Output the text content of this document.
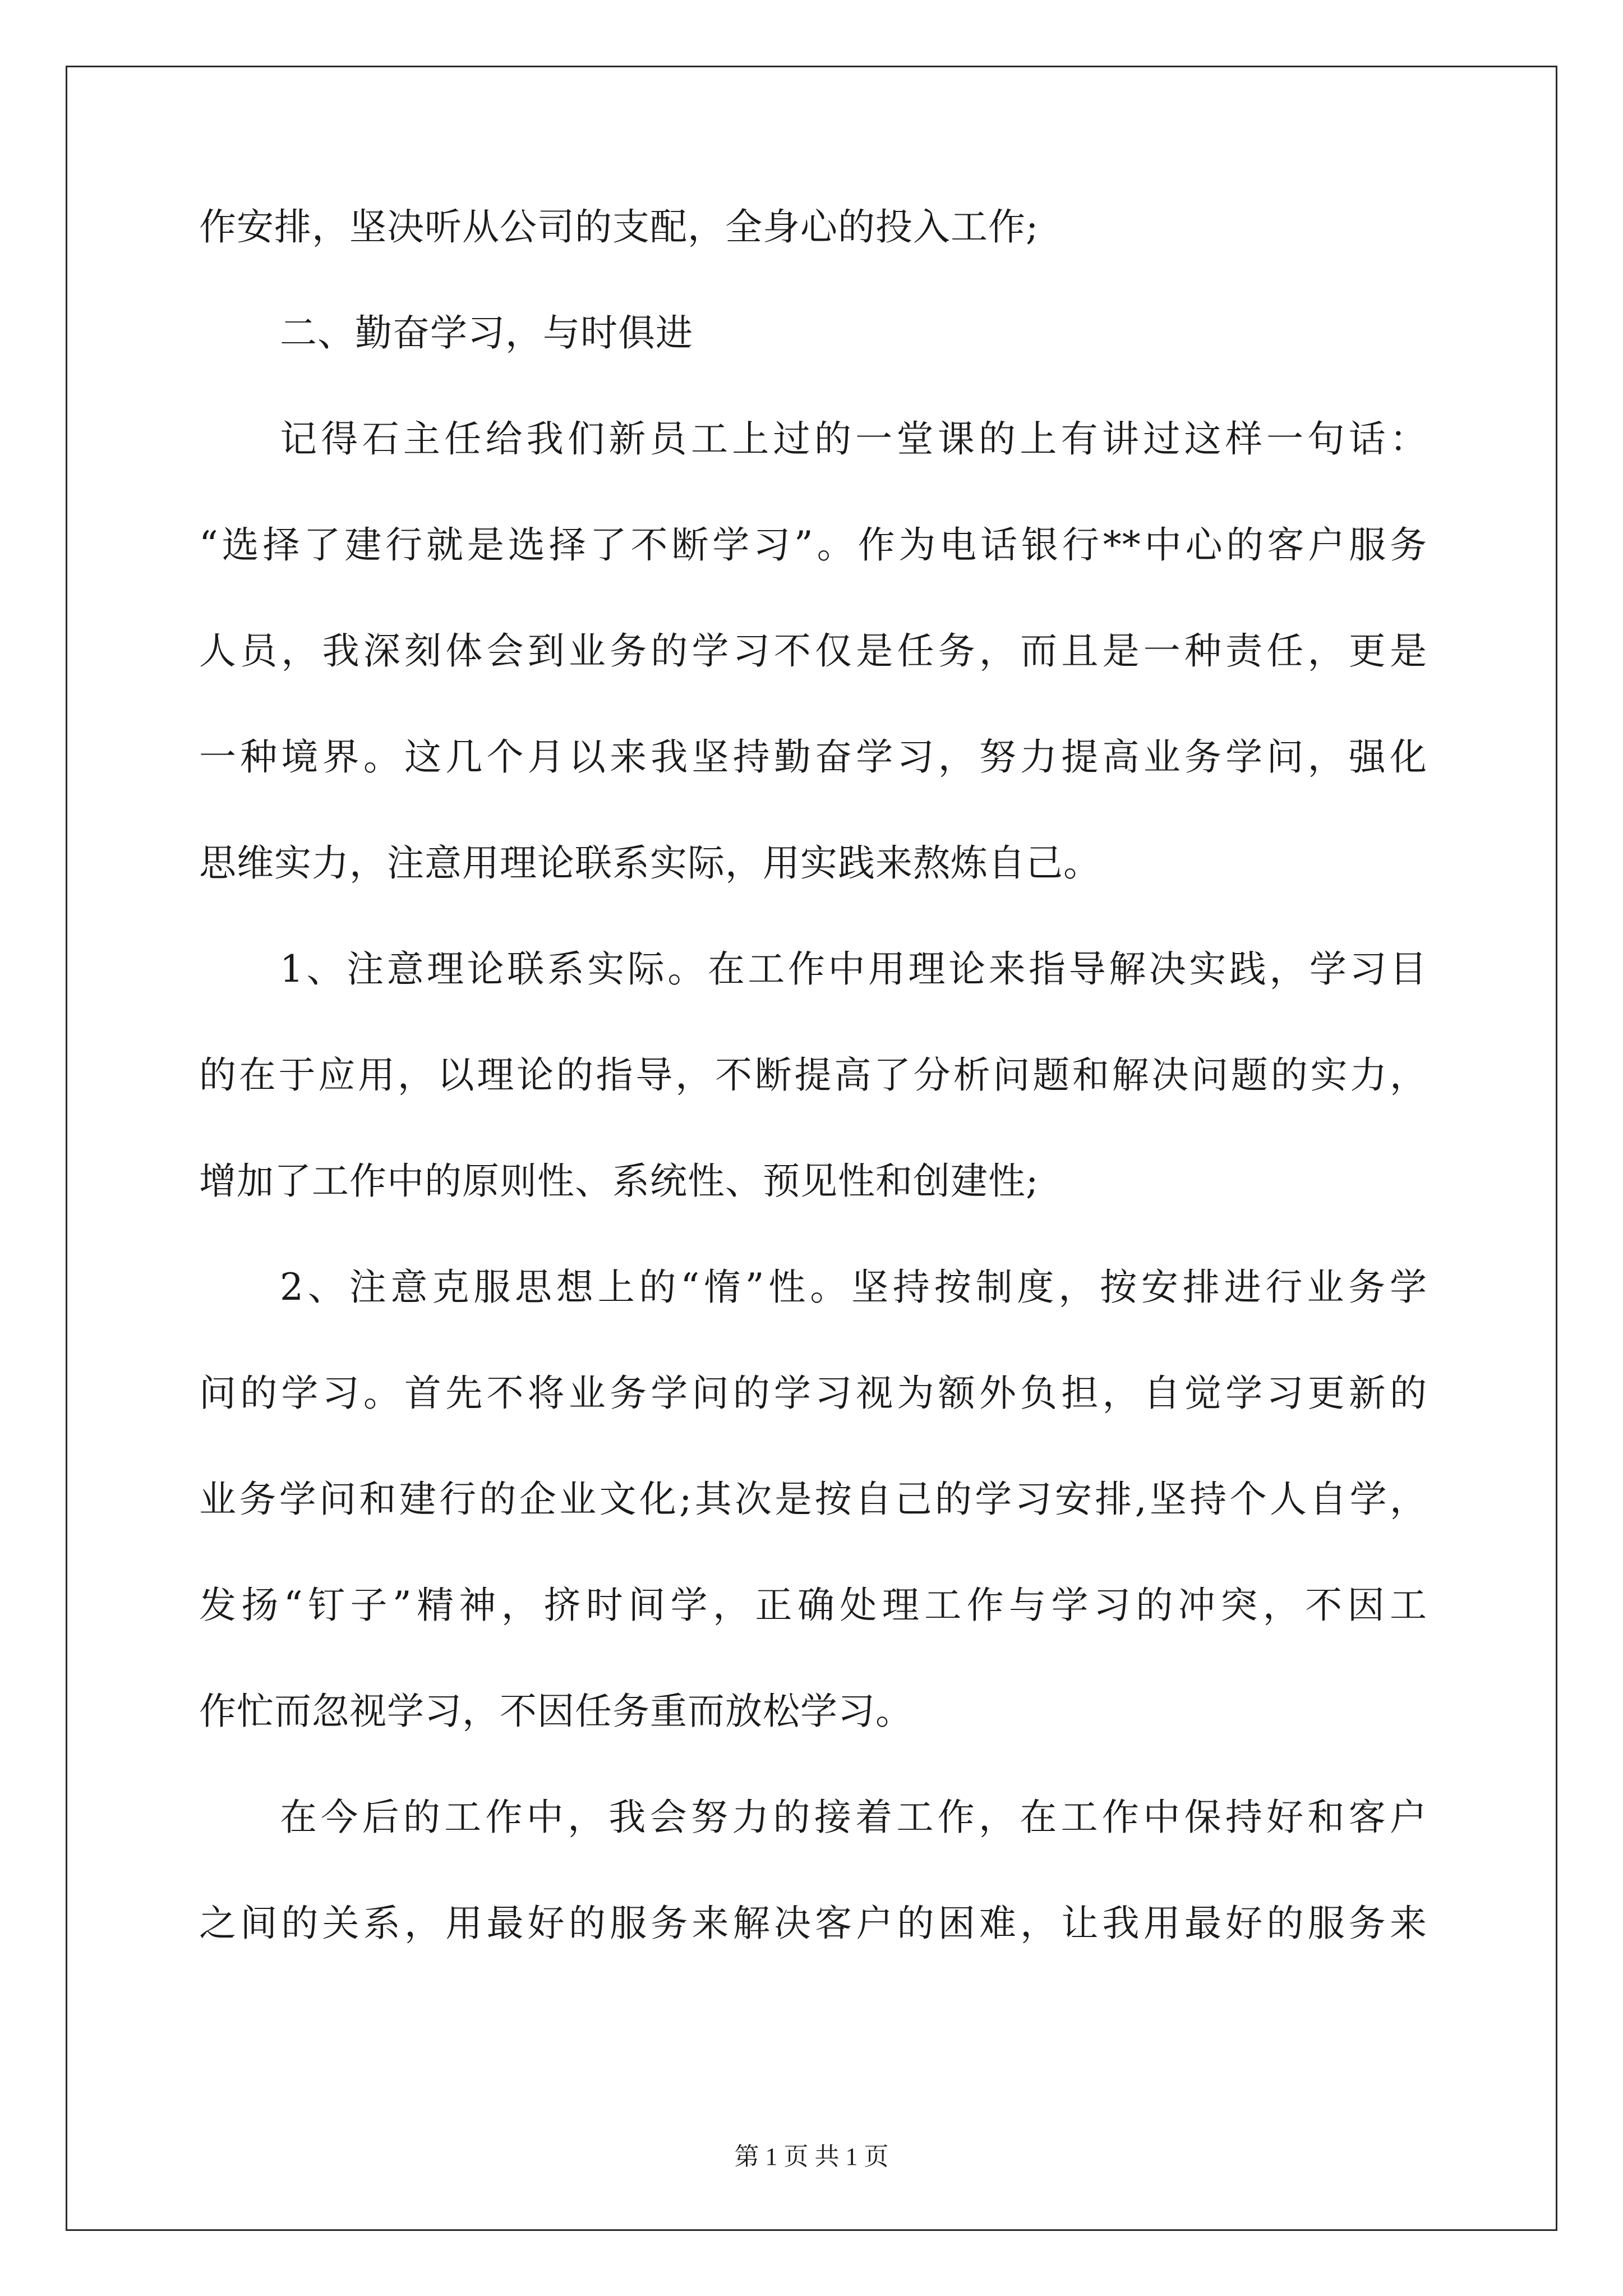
作安排，坚决听从公司的支配，全身心的投入工作;
二、勤奋学习，与时俱进
记得石主任给我们新员工上过的一堂课的上有讲过这样一句话：
“选择了建行就是选择了不断学习”。作为电话银行**中心的客户服务
人员，我深刻体会到业务的学习不仅是任务，而且是一种责任，更是
一种境界。这几个月以来我坚持勤奋学习，努力提高业务学问，强化
思维实力，注意用理论联系实际，用实践来熬炼自己。
1、注意理论联系实际。在工作中用理论来指导解决实践，学习目
的在于应用，以理论的指导，不断提高了分析问题和解决问题的实力，
增加了工作中的原则性、系统性、预见性和创建性;
2、注意克服思想上的“惰”性。坚持按制度，按安排进行业务学
问的学习。首先不将业务学问的学习视为额外负担，自觉学习更新的
业务学问和建行的企业文化;其次是按自己的学习安排,坚持个人自学，
发扬“钉子”精神，挤时间学，正确处理工作与学习的冲突，不因工
作忙而忽视学习，不因任务重而放松学习。
在今后的工作中，我会努力的接着工作，在工作中保持好和客户
之间的关系，用最好的服务来解决客户的困难，让我用最好的服务来
第 1 页 共 1 页
